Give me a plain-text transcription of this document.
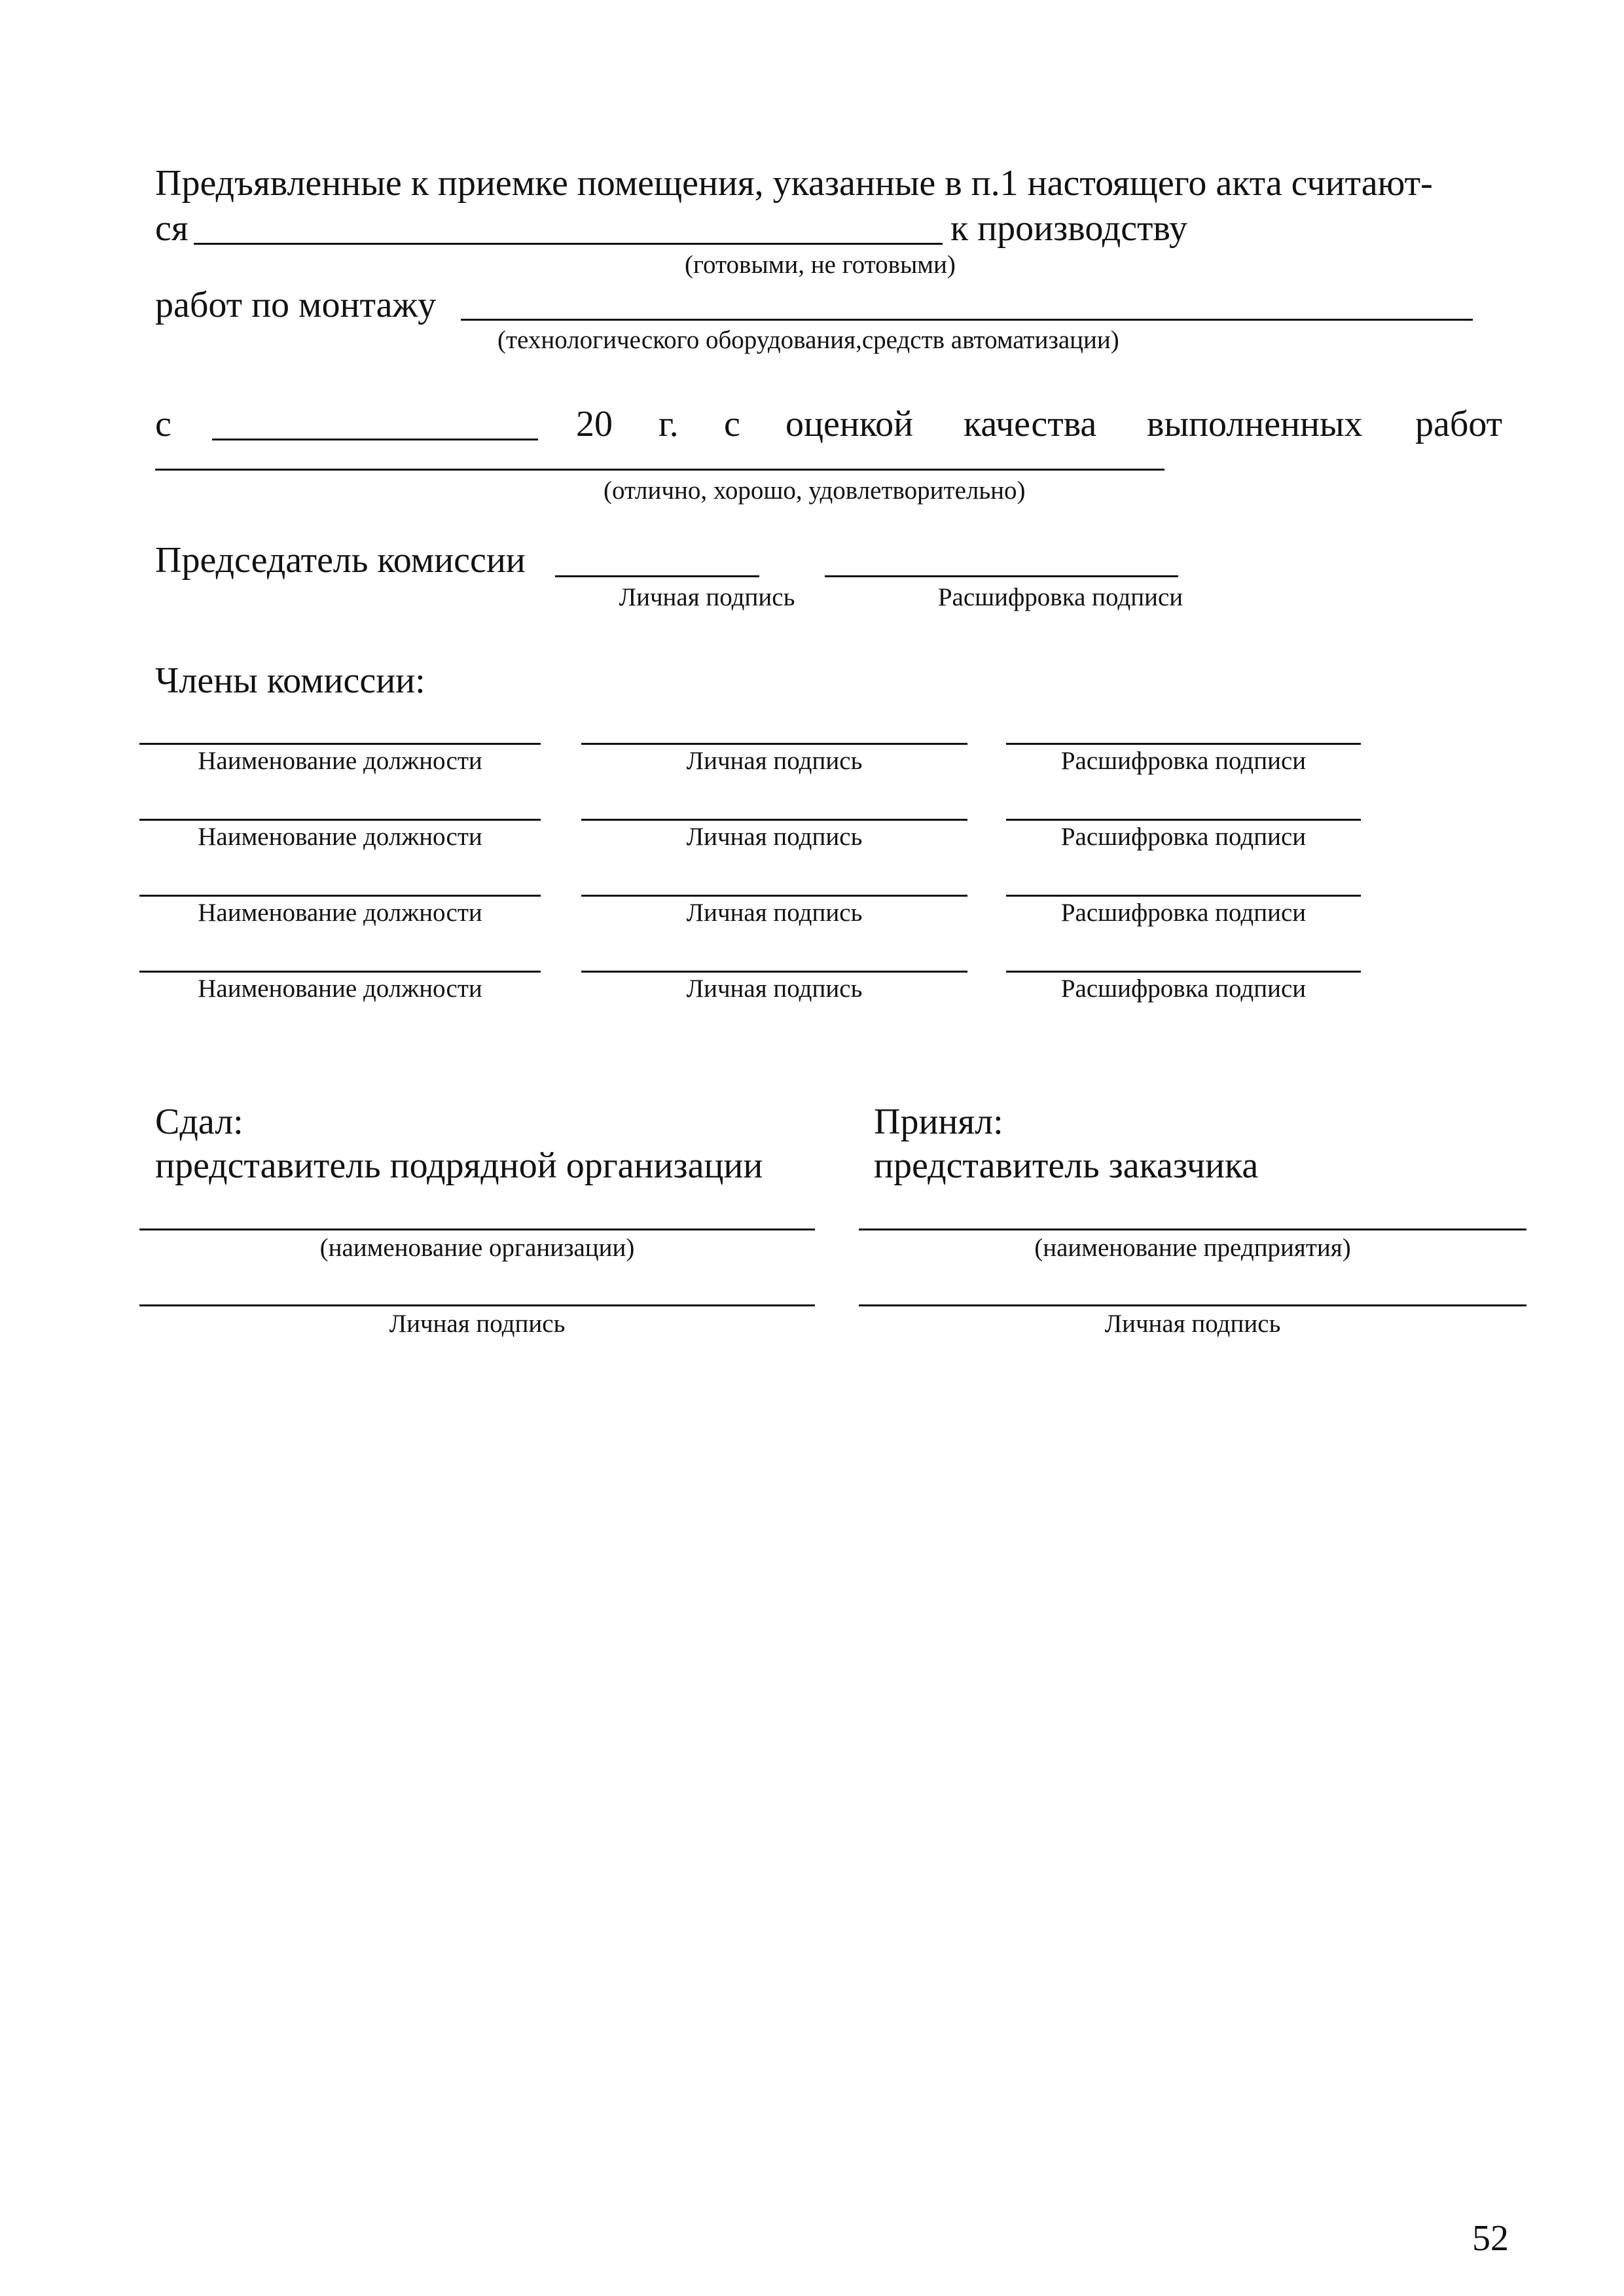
Предъявленные к приемке помещения, указанные в п.1 настоящего акта считают-
ся	к производству
(готовыми, не готовыми)
работ по монтажу
(технологического оборудования,средств автоматизации)
с	20 г. с оценкой качества выполненных работ
(отлично, хорошо, удовлетворительно)
Председатель комиссии
Личная подпись	Расшифровка подписи
Члены комиссии:
Наименование должности	Личная подпись	Расшифровка подписи
Наименование должности	Личная подпись	Расшифровка подписи
Наименование должности	Личная подпись	Расшифровка подписи
Наименование должности	Личная подпись	Расшифровка подписи
Сдал:
представитель подрядной организации
(наименование организации)
Личная подпись
Принял:
представитель заказчика
(наименование предприятия)
Личная подпись
52
